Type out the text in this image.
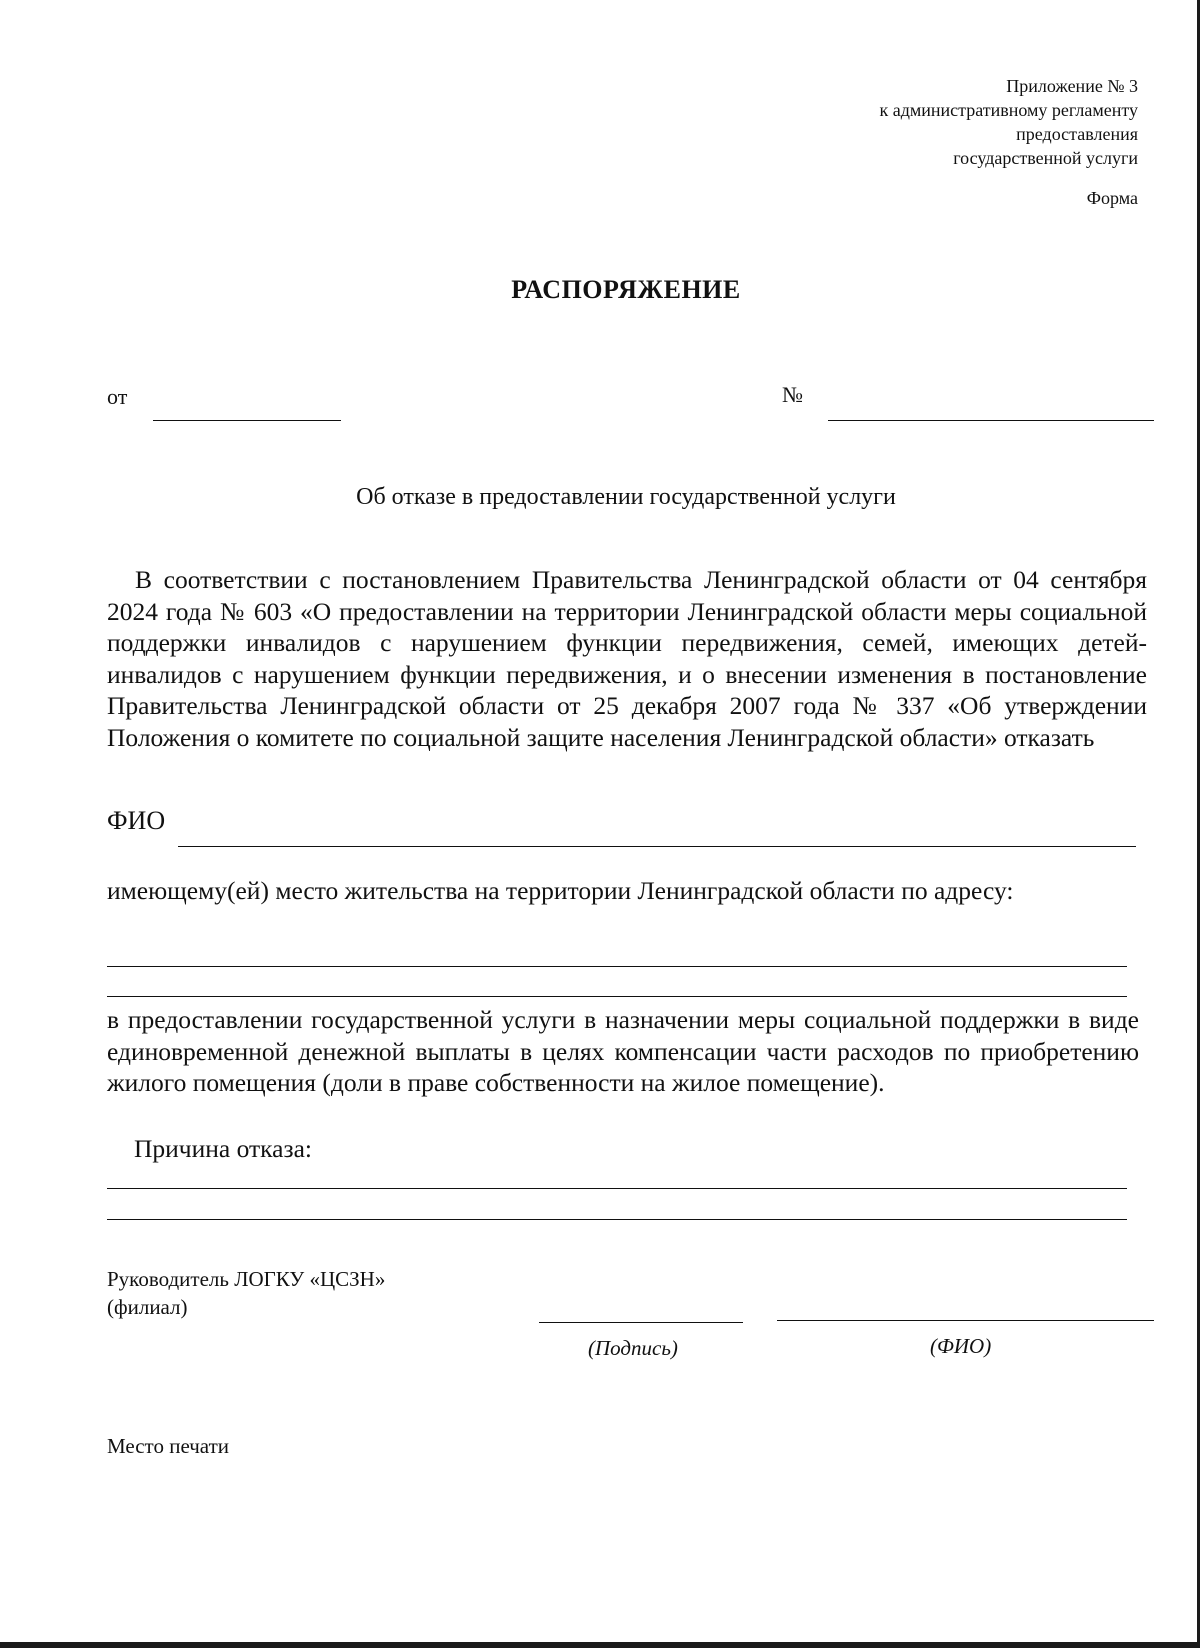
Приложение № 3
к административному регламенту
предоставления
государственной услуги
Форма
РАСПОРЯЖЕНИЕ
от	№
Об отказе в предоставлении государственной услуги
В соответствии с постановлением Правительства Ленинградской области от 04 сентября 2024 года № 603 «О предоставлении на территории Ленинградской области меры социальной поддержки инвалидов с нарушением функции передвижения, семей, имеющих детей-инвалидов с нарушением функции передвижения, и о внесении изменения в постановление Правительства Ленинградской области от 25 декабря 2007 года № 337 «Об утверждении Положения о комитете по социальной защите населения Ленинградской области» отказать
ФИО
имеющему(ей) место жительства на территории Ленинградской области по адресу:
в предоставлении государственной услуги в назначении меры социальной поддержки в виде единовременной денежной выплаты в целях компенсации части расходов по приобретению жилого помещения (доли в праве собственности на жилое помещение).
Причина отказа:
Руководитель ЛОГКУ «ЦСЗН»
(филиал)
(Подпись)	(ФИО)
Место печати
